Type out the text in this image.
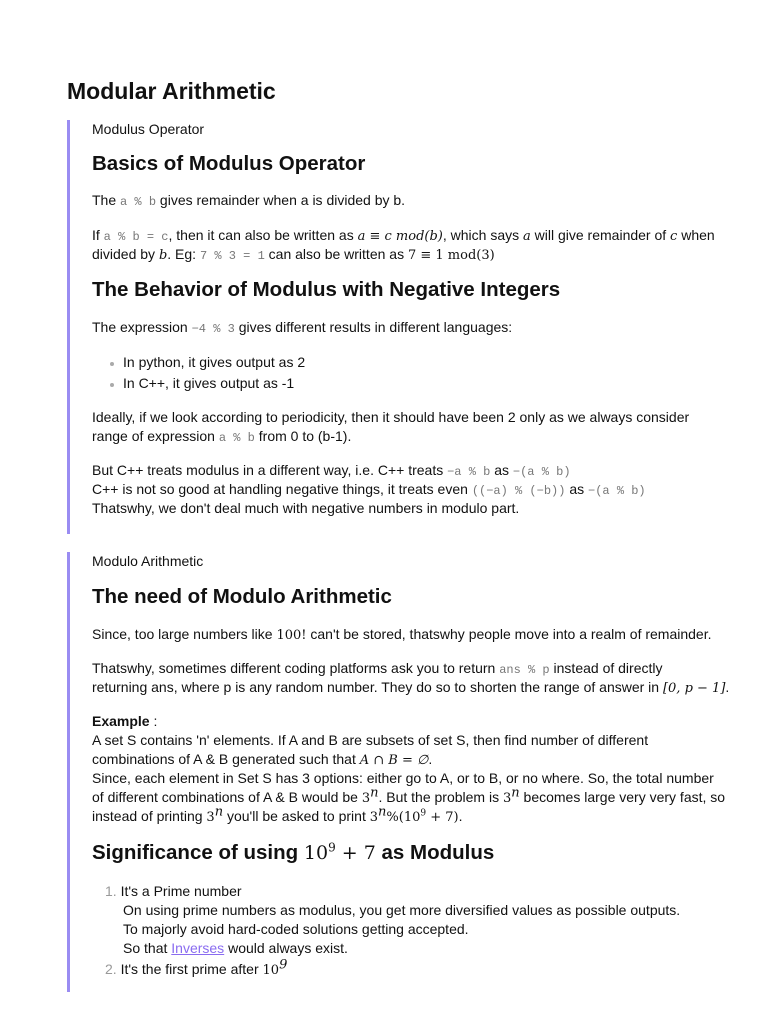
Modular Arithmetic
Modulus Operator
Basics of Modulus Operator

The a % b gives remainder when a is divided by b.

If a % b = c, then it can also be written as a ≡ c mod(b), which says a will give remainder of c when

divided by b. Eg: 7 % 3 = 1 can also be written as 7 ≡ 1 mod(3)

The Behavior of Modulus with Negative Integers

The expression −4 % 3 gives different results in different languages:

In python, it gives output as 2
In C++, it gives output as -1

Ideally, if we look according to periodicity, then it should have been 2 only as we always consider

range of expression a % b from 0 to (b-1).

But C++ treats modulus in a different way, i.e. C++ treats −a % b as −(a % b)

C++ is not so good at handling negative things, it treats even ((−a) % (−b)) as −(a % b)

Thatswhy, we don't deal much with negative numbers in modulo part.

Modulo Arithmetic
The need of Modulo Arithmetic

Since, too large numbers like 100! can't be stored, thatswhy people move into a realm of remainder.

Thatswhy, sometimes different coding platforms ask you to return ans % p instead of directly

returning ans, where p is any random number. They do so to shorten the range of answer in [0, p − 1].

Example :

A set S contains 'n' elements. If A and B are subsets of set S, then find number of different

combinations of A & B generated such that A ∩ B = ∅.

Since, each element in Set S has 3 options: either go to A, or to B, or no where. So, the total number

of different combinations of A & B would be 3$^n$. But the problem is 3$^n$ becomes large very very fast, so

instead of printing 3$^n$ you'll be asked to print $3^n\%(10^9 + 7)$.

Significance of using $10^9 + 7$ as Modulus
1. It's a Prime number
On using prime numbers as modulus, you get more diversified values as possible outputs.
To majorly avoid hard-coded solutions getting accepted.
So that Inverses would always exist.
2. It's the first prime after $10^9$
